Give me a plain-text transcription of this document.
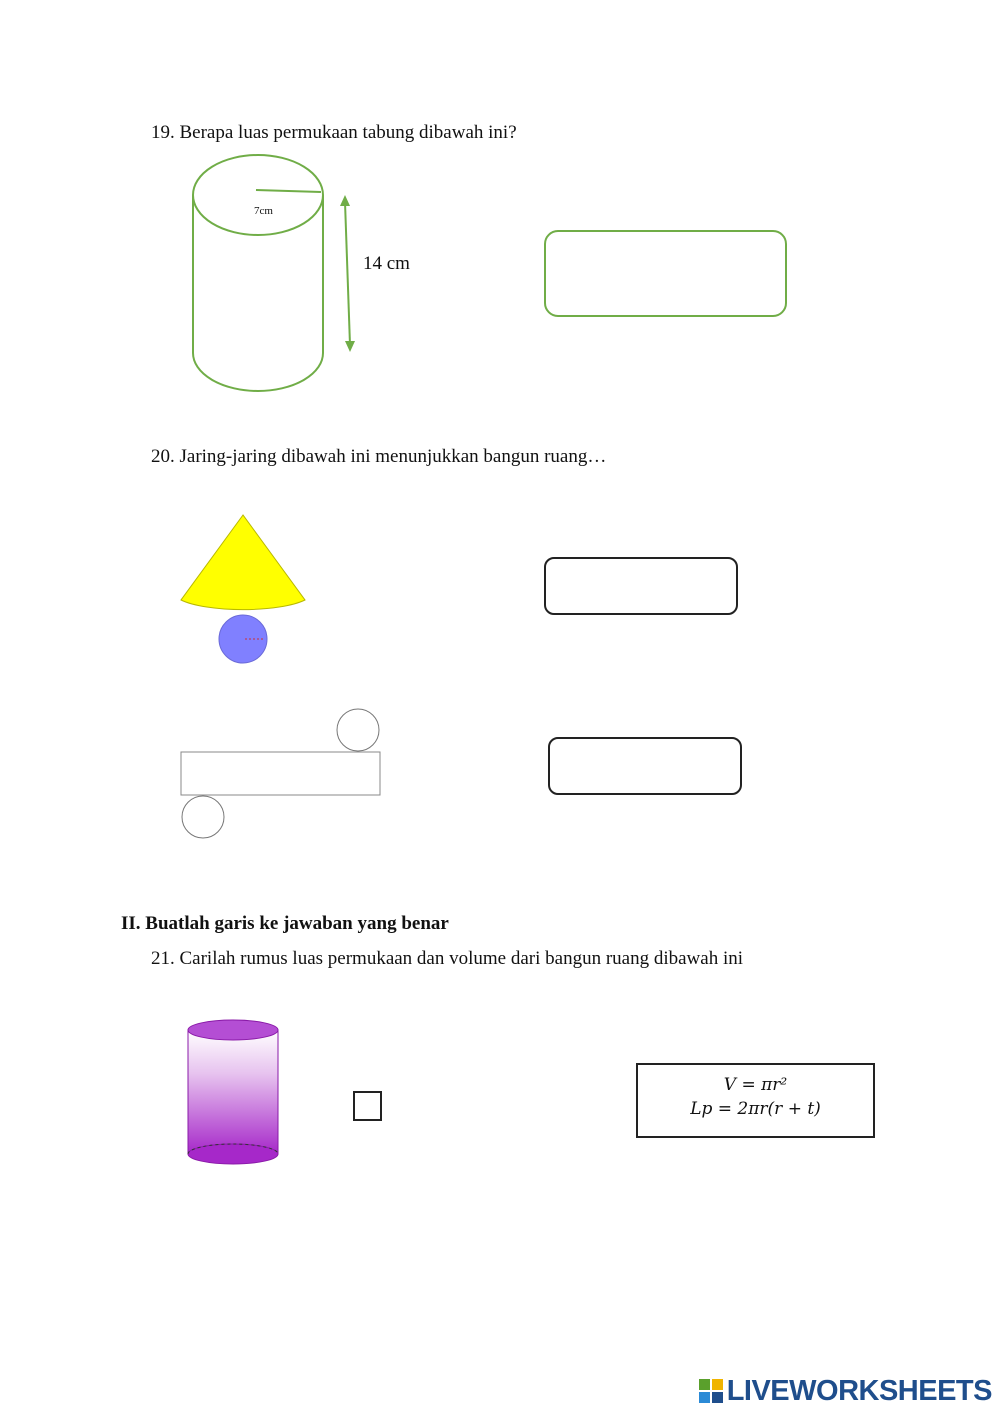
19. Berapa luas permukaan tabung dibawah ini?
7cm
14 cm
20. Jaring-jaring dibawah ini menunjukkan bangun ruang…
II. Buatlah garis ke jawaban yang benar
21. Carilah rumus luas permukaan dan volume dari bangun ruang dibawah ini
V = πr²
Lp = 2πr(r + t)
LIVEWORKSHEETS
